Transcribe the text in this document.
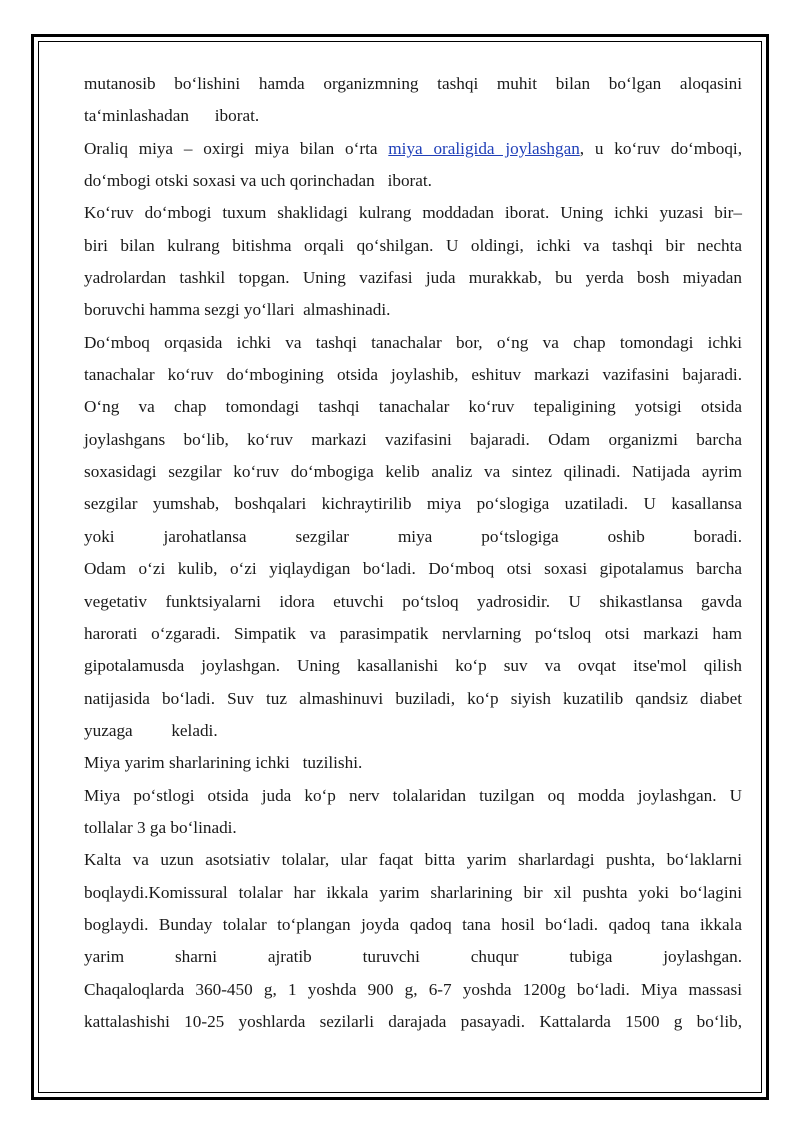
mutanosib bo‘lishini hamda organizmning tashqi muhit bilan bo‘lgan aloqasini
ta‘minlashadan      iborat.
Oraliq miya – oxirgi miya bilan o‘rta miya oraligida joylashgan, u ko‘ruv do‘mboqi,
do‘mbogi otski soxasi va uch qorinchadan   iborat.
Ko‘ruv do‘mbogi tuxum shaklidagi kulrang moddadan iborat. Uning ichki yuzasi bir–
biri bilan kulrang bitishma orqali qo‘shilgan. U oldingi, ichki va tashqi bir nechta
yadrolardan tashkil topgan. Uning vazifasi juda murakkab, bu yerda bosh miyadan
boruvchi hamma sezgi yo‘llari  almashinadi.
Do‘mboq orqasida ichki va tashqi tanachalar bor, o‘ng va chap tomondagi ichki
tanachalar ko‘ruv do‘mbogining otsida joylashib, eshituv markazi vazifasini bajaradi.
O‘ng va chap tomondagi tashqi tanachalar ko‘ruv tepaligining yotsigi otsida
joylashgans bo‘lib, ko‘ruv markazi vazifasini bajaradi. Odam organizmi barcha
soxasidagi sezgilar ko‘ruv do‘mbogiga kelib analiz va sintez qilinadi. Natijada ayrim
sezgilar yumshab, boshqalari kichraytirilib miya po‘slogiga uzatiladi. U kasallansa
yoki jarohatlansa sezgilar miya po‘tslogiga oshib boradi.
Odam o‘zi kulib, o‘zi yiqlaydigan bo‘ladi. Do‘mboq otsi soxasi gipotalamus barcha
vegetativ funktsiyalarni idora etuvchi po‘tsloq yadrosidir. U shikastlansa gavda
harorati o‘zgaradi. Simpatik va parasimpatik nervlarning po‘tsloq otsi markazi ham
gipotalamusda joylashgan. Uning kasallanishi ko‘p suv va ovqat itse'mol qilish
natijasida bo‘ladi. Suv tuz almashinuvi buziladi, ko‘p siyish kuzatilib qandsiz diabet
yuzaga         keladi.
Miya yarim sharlarining ichki   tuzilishi.
Miya po‘stlogi otsida juda ko‘p nerv tolalaridan tuzilgan oq modda joylashgan. U
tollalar 3 ga bo‘linadi.
Kalta va uzun asotsiativ tolalar, ular faqat bitta yarim sharlardagi pushta, bo‘laklarni
boqlaydi.Komissural tolalar har ikkala yarim sharlarining bir xil pushta yoki bo‘lagini
boglaydi. Bunday tolalar to‘plangan joyda qadoq tana hosil bo‘ladi. qadoq tana ikkala
yarim sharni ajratib turuvchi chuqur tubiga joylashgan.
Chaqaloqlarda 360-450 g, 1 yoshda 900 g, 6-7 yoshda 1200g bo‘ladi. Miya massasi
kattalashishi 10-25 yoshlarda sezilarli darajada pasayadi. Kattalarda 1500 g bo‘lib,
